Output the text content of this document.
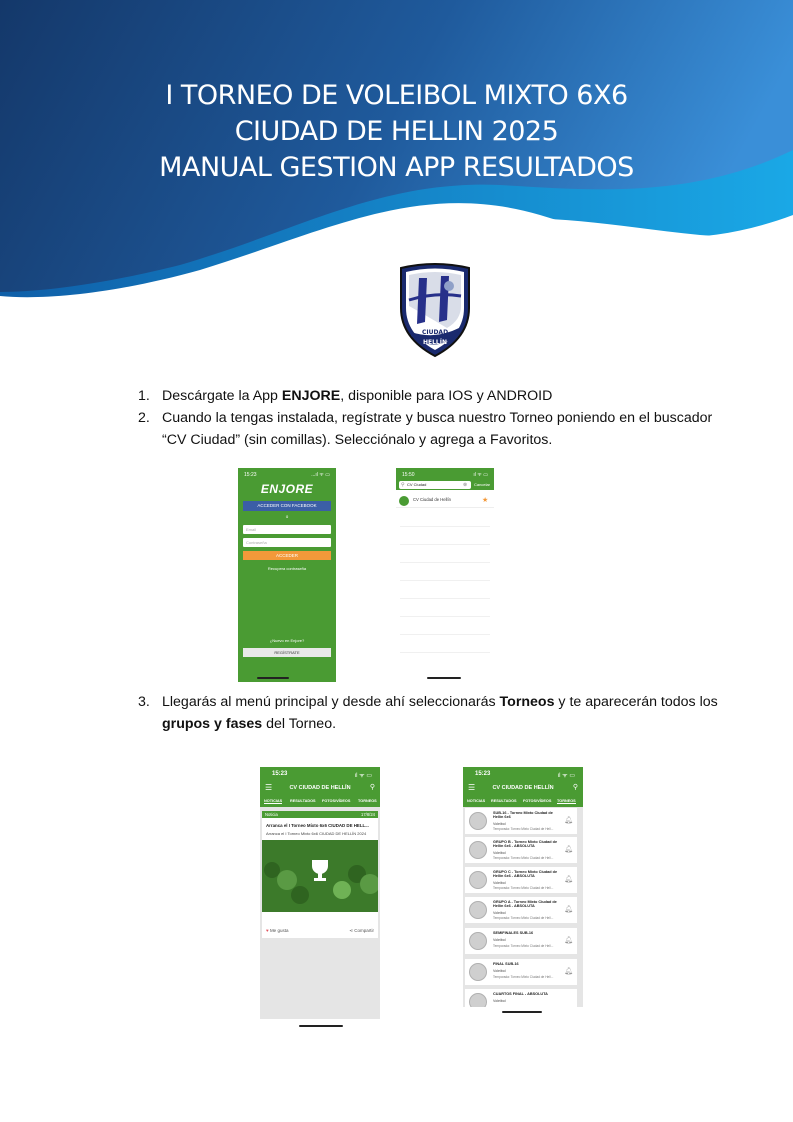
I TORNEO DE VOLEIBOL MIXTO 6X6
CIUDAD DE HELLIN 2025
MANUAL GESTION APP RESULTADOS
CIUDAD
HELLÍN
1. Descárgate la App ENJORE, disponible para IOS y ANDROID
2. Cuando la tengas instalada, regístrate y busca nuestro Torneo poniendo en el buscador
“CV Ciudad” (sin comillas). Selecciónalo y agrega a Favoritos.
15:23	...ıl ᯤ ▭
ENJORE
ACCEDER CON FACEBOOK
o
Email
Contraseña	◉
ACCEDER
Recupera contraseña
¿Nuevo en Enjore?
REGÍSTRATE
15:50	ıl ᯤ ▭
CV Ciudad
⚲	⊗ Cancelar
CV Ciudad de Hellín	★
3. Llegarás al menú principal y desde ahí seleccionarás Torneos y te aparecerán todos los
grupos y fases del Torneo.
15:23	ıl ᯤ ▭
☰	CV CIUDAD DE HELLÍN	⚲
NOTICIAS RESULTADOS FOTOS/VÍDEOS TORNEOS
Noticia	17/8/24
Arranca el I Torneo Mixto 6x6 CIUDAD DE HELL...
Arranca el I Torneo Mixto 6x6 CIUDAD DE HELLÍN 2024
♥ Me gusta	⋖ Compartir
15:23	ıl ᯤ ▭
☰	CV CIUDAD DE HELLÍN	⚲
NOTICIAS RESULTADOS FOTOS/VÍDEOS TORNEOS
SUB-16 - Torneo Mixto Ciudad de Hellín 6x6
Voleibol
Temporada: Torneo Mixto Ciudad de Hell...
🔔︎
GRUPO B - Torneo Mixto Ciudad de Hellín 6x6 - ABSOLUTA
Voleibol
Temporada: Torneo Mixto Ciudad de Hell...
🔔︎
GRUPO C - Torneo Mixto Ciudad de Hellín 6x6 - ABSOLUTA
Voleibol
Temporada: Torneo Mixto Ciudad de Hell...
🔔︎
GRUPO A - Torneo Mixto Ciudad de Hellín 6x6 - ABSOLUTA
Voleibol
Temporada: Torneo Mixto Ciudad de Hell...
🔔︎
SEMIFINALES SUB-16
Voleibol
Temporada: Torneo Mixto Ciudad de Hell...
🔔︎
FINAL SUB-16
Voleibol
Temporada: Torneo Mixto Ciudad de Hell...
🔔︎
CUARTOS FINAL - ABSOLUTA
Voleibol
